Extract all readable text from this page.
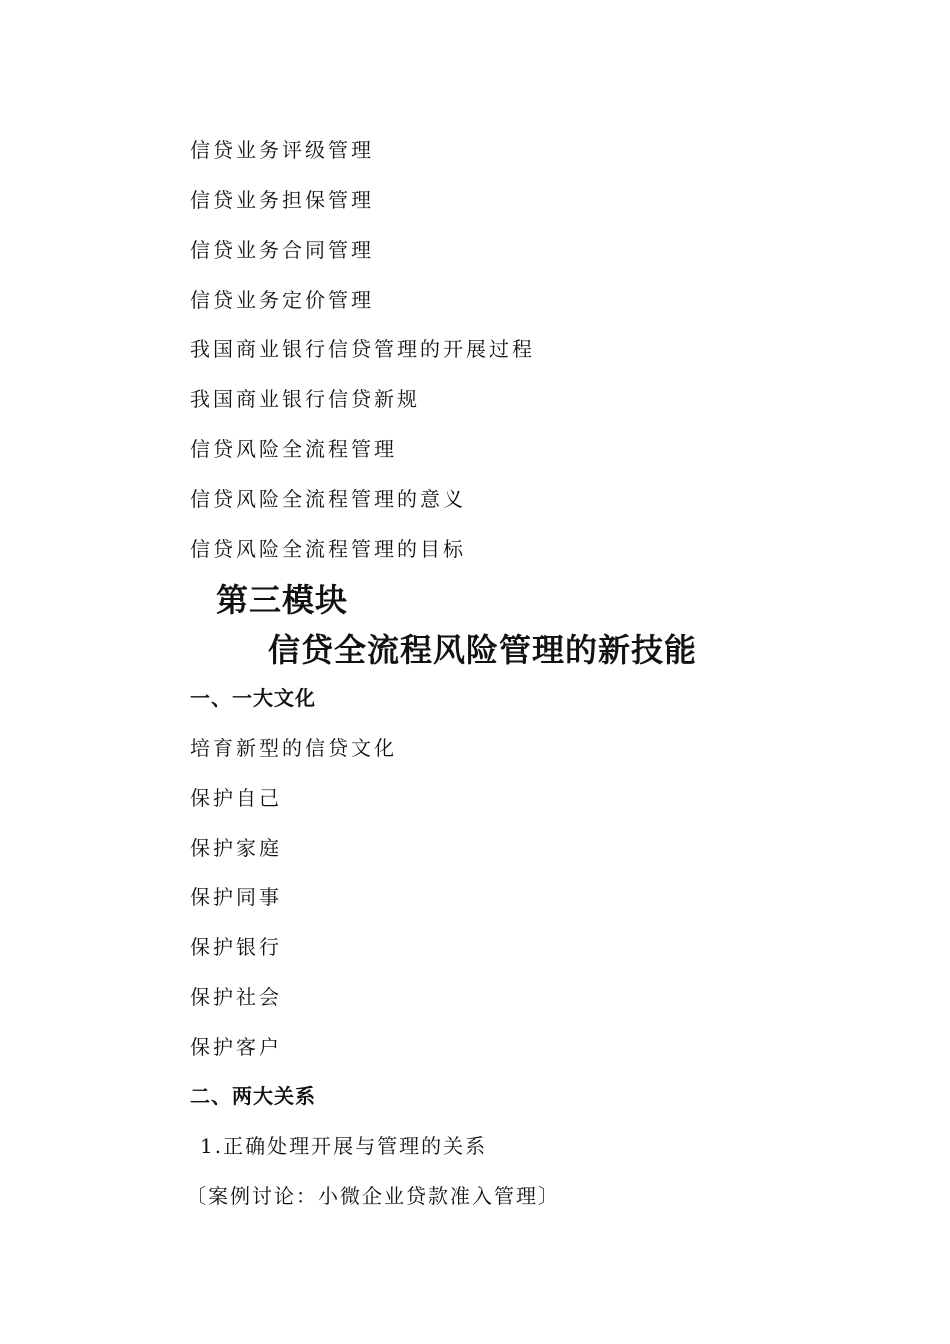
信贷业务评级管理
信贷业务担保管理
信贷业务合同管理
信贷业务定价管理
我国商业银行信贷管理的开展过程
我国商业银行信贷新规
信贷风险全流程管理
信贷风险全流程管理的意义
信贷风险全流程管理的目标
第三模块
信贷全流程风险管理的新技能
一、一大文化
培育新型的信贷文化
保护自己
保护家庭
保护同事
保护银行
保护社会
保护客户
二、两大关系
1.正确处理开展与管理的关系
〔案例讨论：小微企业贷款准入管理〕
